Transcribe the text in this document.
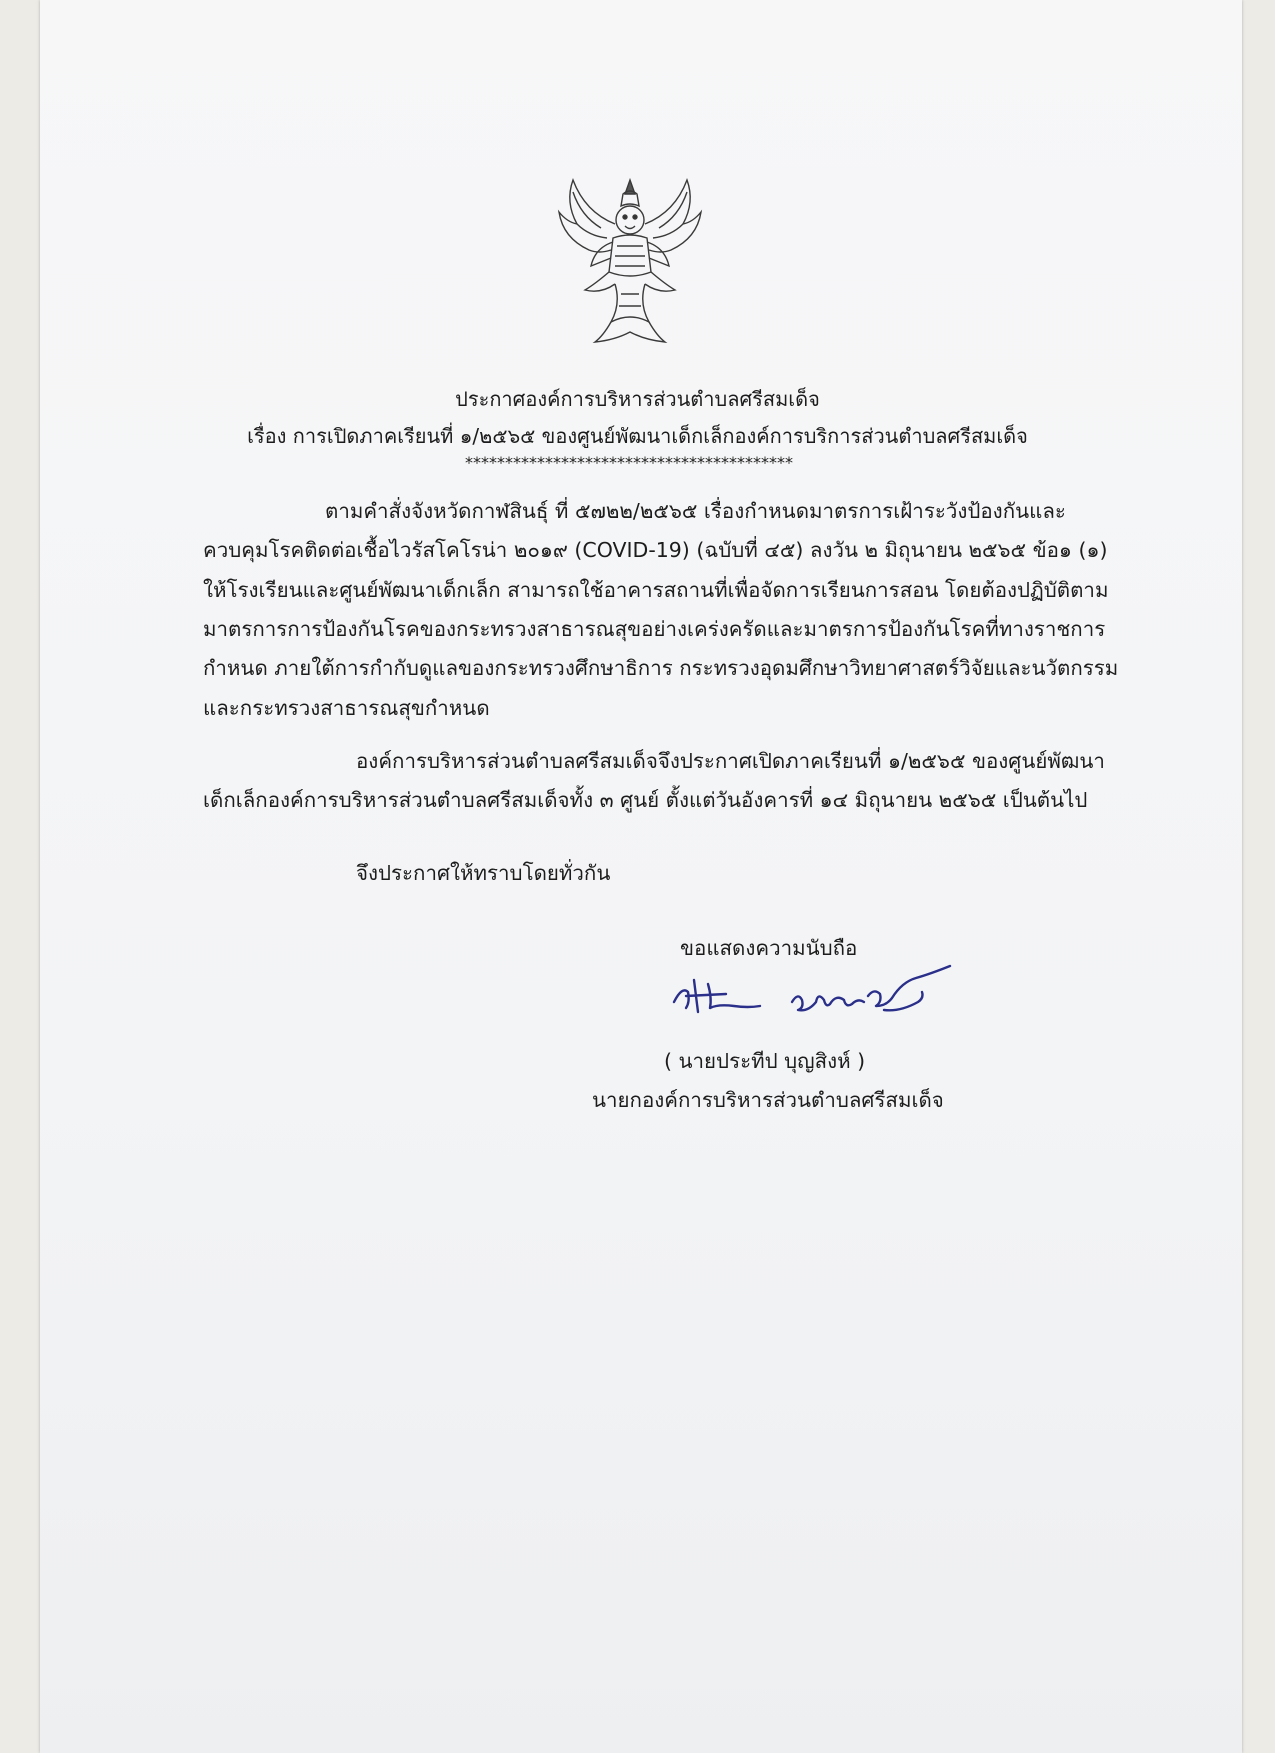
ประกาศองค์การบริหารส่วนตำบลศรีสมเด็จ
เรื่อง การเปิดภาคเรียนที่ ๑/๒๕๖๕ ของศูนย์พัฒนาเด็กเล็กองค์การบริการส่วนตำบลศรีสมเด็จ
*****************************************
ตามคำสั่งจังหวัดกาฬสินธุ์ ที่ ๕๗๒๒/๒๕๖๕ เรื่องกำหนดมาตรการเฝ้าระวังป้องกันและ
ควบคุมโรคติดต่อเชื้อไวรัสโคโรน่า ๒๐๑๙ (COVID-19) (ฉบับที่ ๔๕) ลงวัน ๒ มิถุนายน ๒๕๖๕ ข้อ๑ (๑)
ให้โรงเรียนและศูนย์พัฒนาเด็กเล็ก สามารถใช้อาคารสถานที่เพื่อจัดการเรียนการสอน โดยต้องปฏิบัติตาม
มาตรการการป้องกันโรคของกระทรวงสาธารณสุขอย่างเคร่งครัดและมาตรการป้องกันโรคที่ทางราชการ
กำหนด ภายใต้การกำกับดูแลของกระทรวงศึกษาธิการ กระทรวงอุดมศึกษาวิทยาศาสตร์วิจัยและนวัตกรรม
และกระทรวงสาธารณสุขกำหนด
องค์การบริหารส่วนตำบลศรีสมเด็จจึงประกาศเปิดภาคเรียนที่ ๑/๒๕๖๕ ของศูนย์พัฒนา
เด็กเล็กองค์การบริหารส่วนตำบลศรีสมเด็จทั้ง ๓ ศูนย์ ตั้งแต่วันอังคารที่ ๑๔ มิถุนายน ๒๕๖๕ เป็นต้นไป
จึงประกาศให้ทราบโดยทั่วกัน
ขอแสดงความนับถือ
( นายประทีป บุญสิงห์ )
นายกองค์การบริหารส่วนตำบลศรีสมเด็จ
